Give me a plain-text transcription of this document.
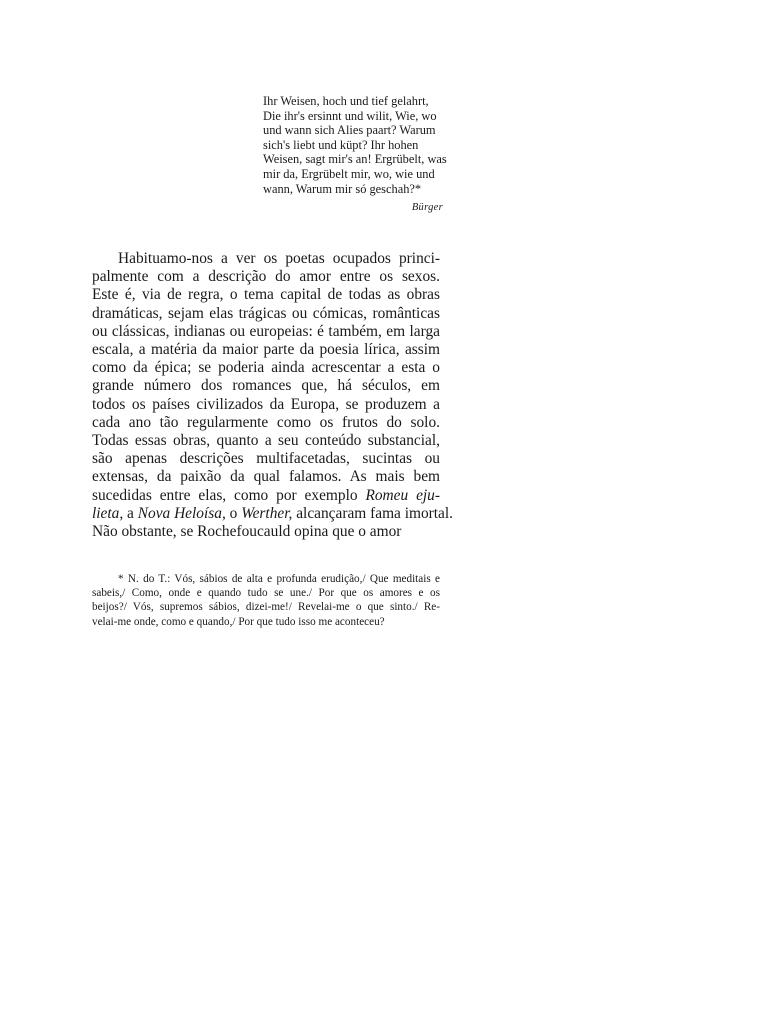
Ihr Weisen, hoch und tief gelahrt,
Die ihr's ersinnt und wilit, Wie, wo
und wann sich Alies paart? Warum
sich's liebt und küpt? Ihr hohen
Weisen, sagt mir's an! Ergrübelt, was
mir da, Ergrübelt mir, wo, wie und
wann, Warum mir só geschah?*
Bürger
Habituamo-nos a ver os poetas ocupados princi-
palmente com a descrição do amor entre os sexos.
Este é, via de regra, o tema capital de todas as obras
dramáticas, sejam elas trágicas ou cómicas, românticas
ou clássicas, indianas ou europeias: é também, em larga
escala, a matéria da maior parte da poesia lírica, assim
como da épica; se poderia ainda acrescentar a esta o
grande número dos romances que, há séculos, em
todos os países civilizados da Europa, se produzem a
cada ano tão regularmente como os frutos do solo.
Todas essas obras, quanto a seu conteúdo substancial,
são apenas descrições multifacetadas, sucintas ou
extensas, da paixão da qual falamos. As mais bem
sucedidas entre elas, como por exemplo Romeu eju-
lieta, a Nova Heloísa, o Werther, alcançaram fama imortal.
Não obstante, se Rochefoucauld opina que o amor
* N. do T.: Vós, sábios de alta e profunda erudição,/ Que meditais e
sabeis,/ Como, onde e quando tudo se une./ Por que os amores e os
beijos?/ Vós, supremos sábios, dizei-me!/ Revelai-me o que sinto./ Re-
velai-me onde, como e quando,/ Por que tudo isso me aconteceu?
